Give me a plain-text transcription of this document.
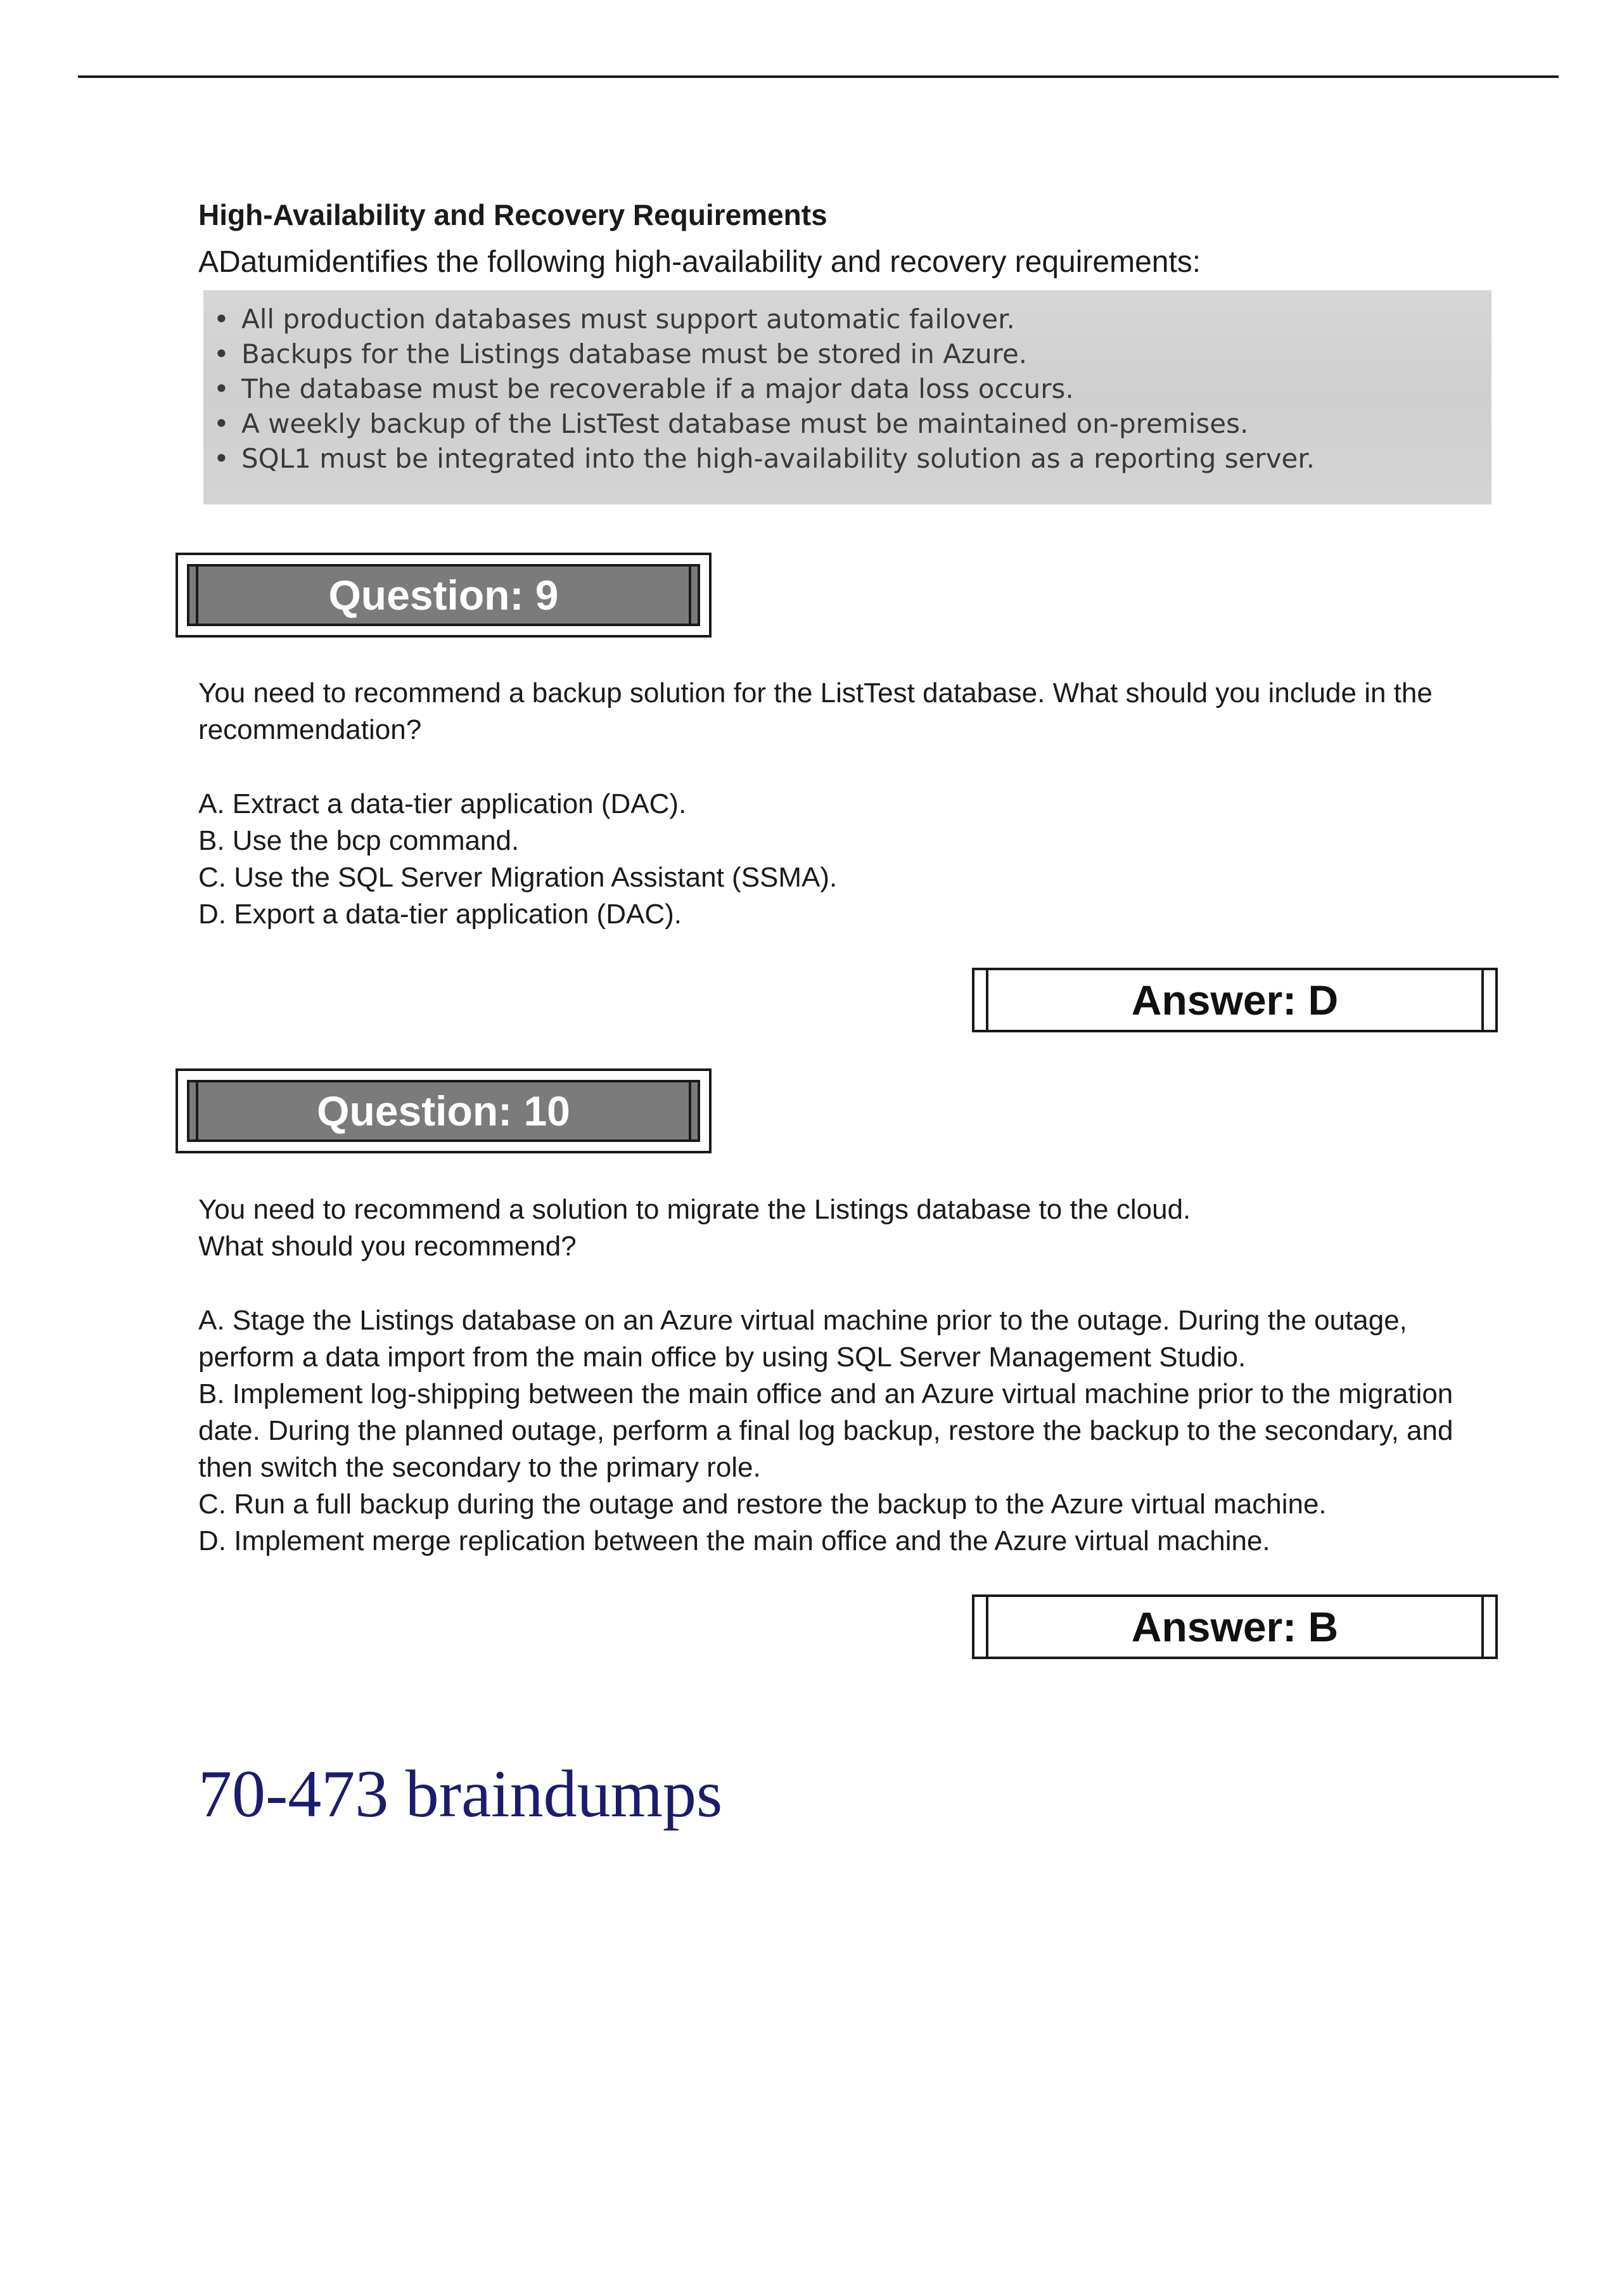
High-Availability and Recovery Requirements
ADatumidentifies the following high-availability and recovery requirements:
• All production databases must support automatic failover.
• Backups for the Listings database must be stored in Azure.
• The database must be recoverable if a major data loss occurs.
• A weekly backup of the ListTest database must be maintained on-premises.
• SQL1 must be integrated into the high-availability solution as a reporting server.
Question: 9
You need to recommend a backup solution for the ListTest database. What should you include in the recommendation?
A. Extract a data-tier application (DAC).
B. Use the bcp command.
C. Use the SQL Server Migration Assistant (SSMA).
D. Export a data-tier application (DAC).
Answer: D
Question: 10
You need to recommend a solution to migrate the Listings database to the cloud.
What should you recommend?
A. Stage the Listings database on an Azure virtual machine prior to the outage. During the outage, perform a data import from the main office by using SQL Server Management Studio.
B. Implement log-shipping between the main office and an Azure virtual machine prior to the migration date. During the planned outage, perform a final log backup, restore the backup to the secondary, and then switch the secondary to the primary role.
C. Run a full backup during the outage and restore the backup to the Azure virtual machine.
D. Implement merge replication between the main office and the Azure virtual machine.
Answer: B
70-473 braindumps
